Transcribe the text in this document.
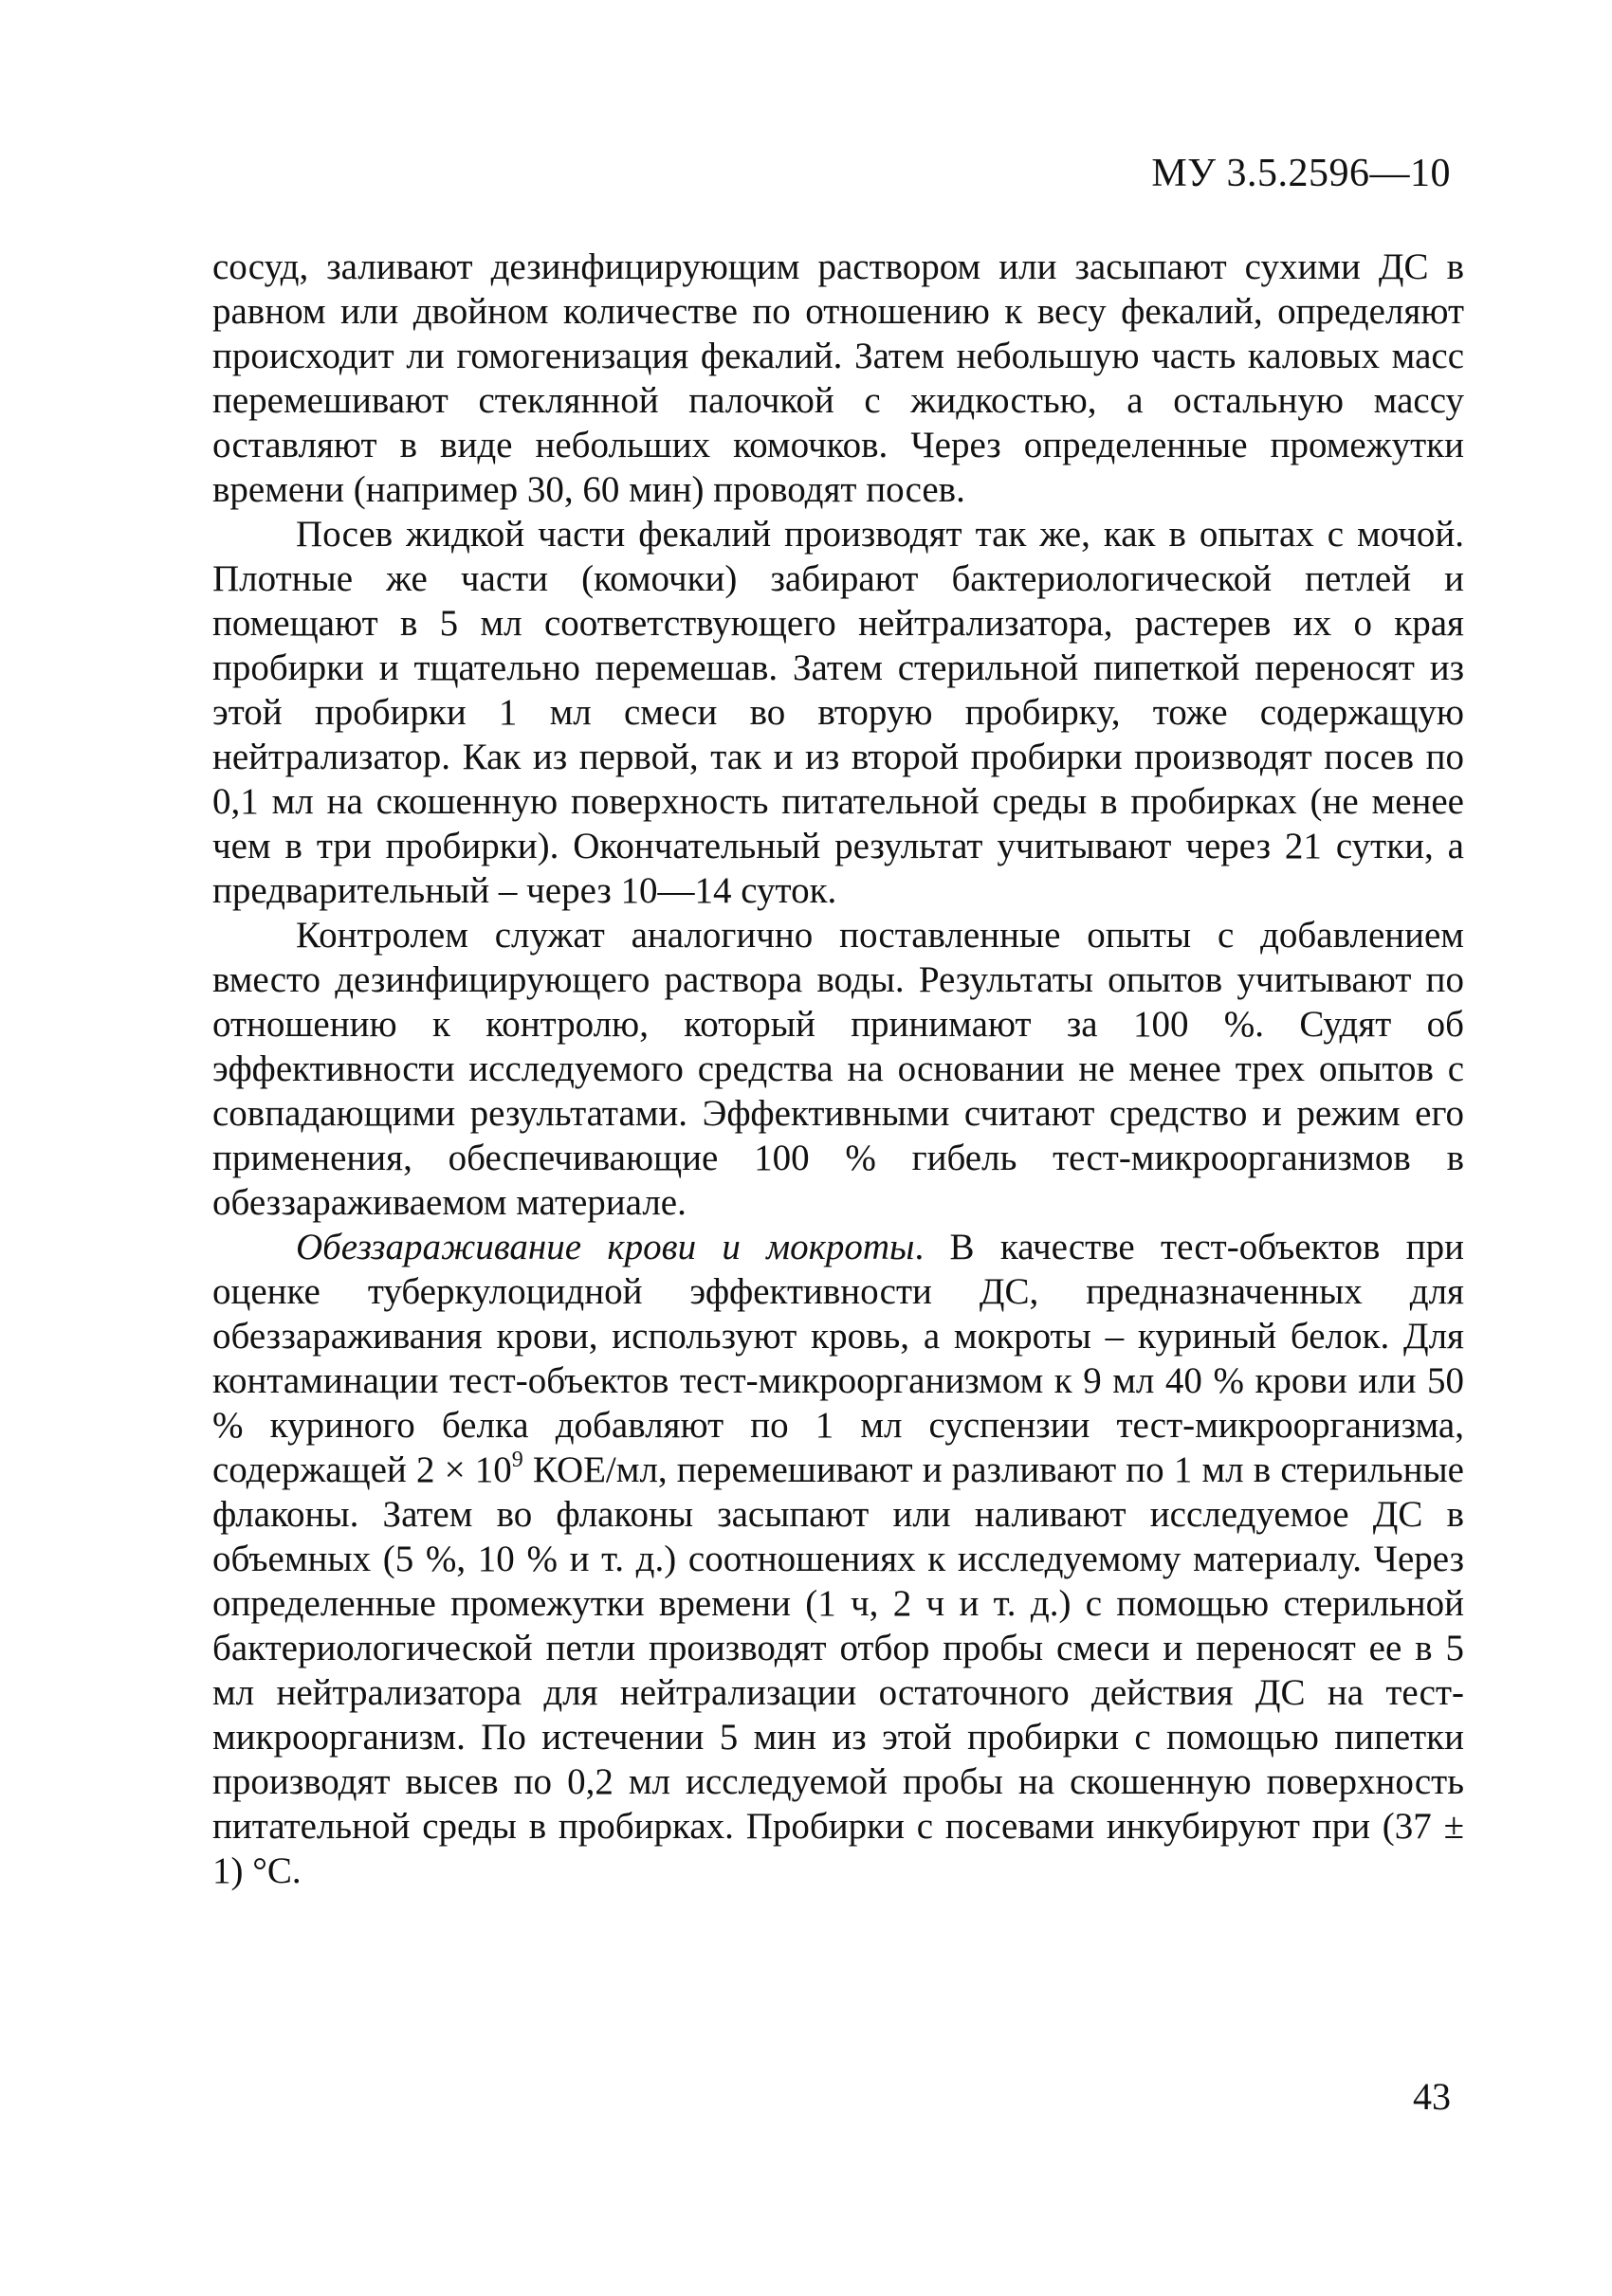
МУ 3.5.2596—10

сосуд, заливают дезинфицирующим раствором или засыпают сухими ДС в равном или двойном количестве по отношению к весу фекалий, определяют происходит ли гомогенизация фекалий. Затем небольшую часть каловых масс перемешивают стеклянной палочкой с жидкостью, а остальную массу оставляют в виде небольших комочков. Через определенные промежутки времени (например 30, 60 мин) проводят посев.

Посев жидкой части фекалий производят так же, как в опытах с мочой. Плотные же части (комочки) забирают бактериологической петлей и помещают в 5 мл соответствующего нейтрализатора, растерев их о края пробирки и тщательно перемешав. Затем стерильной пипеткой переносят из этой пробирки 1 мл смеси во вторую пробирку, тоже содержащую нейтрализатор. Как из первой, так и из второй пробирки производят посев по 0,1 мл на скошенную поверхность питательной среды в пробирках (не менее чем в три пробирки). Окончательный результат учитывают через 21 сутки, а предварительный – через 10—14 суток.

Контролем служат аналогично поставленные опыты с добавлением вместо дезинфицирующего раствора воды. Результаты опытов учитывают по отношению к контролю, который принимают за 100 %. Судят об эффективности исследуемого средства на основании не менее трех опытов с совпадающими результатами. Эффективными считают средство и режим его применения, обеспечивающие 100 % гибель тест-микроорганизмов в обеззараживаемом материале.

Обеззараживание крови и мокроты. В качестве тест-объектов при оценке туберкулоцидной эффективности ДС, предназначенных для обеззараживания крови, используют кровь, а мокроты – куриный белок. Для контаминации тест-объектов тест-микроорганизмом к 9 мл 40 % крови или 50 % куриного белка добавляют по 1 мл суспензии тест-микроорганизма, содержащей $2 \times 10^9$ КОЕ/мл, перемешивают и разливают по 1 мл в стерильные флаконы. Затем во флаконы засыпают или наливают исследуемое ДС в объемных (5 %, 10 % и т. д.) соотношениях к исследуемому материалу. Через определенные промежутки времени (1 ч, 2 ч и т. д.) с помощью стерильной бактериологической петли производят отбор пробы смеси и переносят ее в 5 мл нейтрализатора для нейтрализации остаточного действия ДС на тест-микроорганизм. По истечении 5 мин из этой пробирки с помощью пипетки производят высев по 0,2 мл исследуемой пробы на скошенную поверхность питательной среды в пробирках. Пробирки с посевами инкубируют при (37 ± 1) °С.

43
